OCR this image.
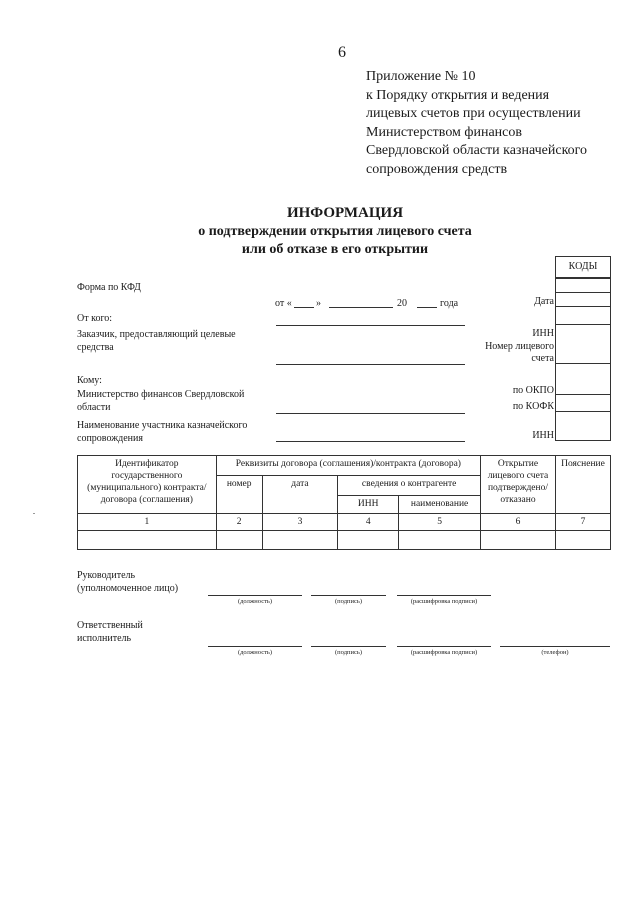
6
Приложение № 10
к Порядку открытия и ведения
лицевых счетов при осуществлении
Министерством финансов
Свердловской области казначейского
сопровождения средств
ИНФОРМАЦИЯ
о подтверждении открытия лицевого счета
или об отказе в его открытии
КОДЫ
Форма по КФД
от « »	20	года	Дата
От кого:
Заказчик, предоставляющий целевые
средства
ИНН
Номер лицевого
счета
Кому:
Министерство финансов Свердловской
области
по ОКПО
по КОФК
Наименование участника казначейского
сопровождения	ИНН
Идентификатор государственного (муниципального) контракта/ договора (соглашения)	Реквизиты договора (соглашения)/контракта (договора)				Открытие лицевого счета подтверждено/ отказано	Пояснение
	номер	дата	сведения о контрагенте			
			ИНН	наименование		
1	2	3	4	5	6	7

Руководитель
(уполномоченное лицо)
(должность)	(подпись)	(расшифровка подписи)
Ответственный
исполнитель
(должность)	(подпись)	(расшифровка подписи)	(телефон)
